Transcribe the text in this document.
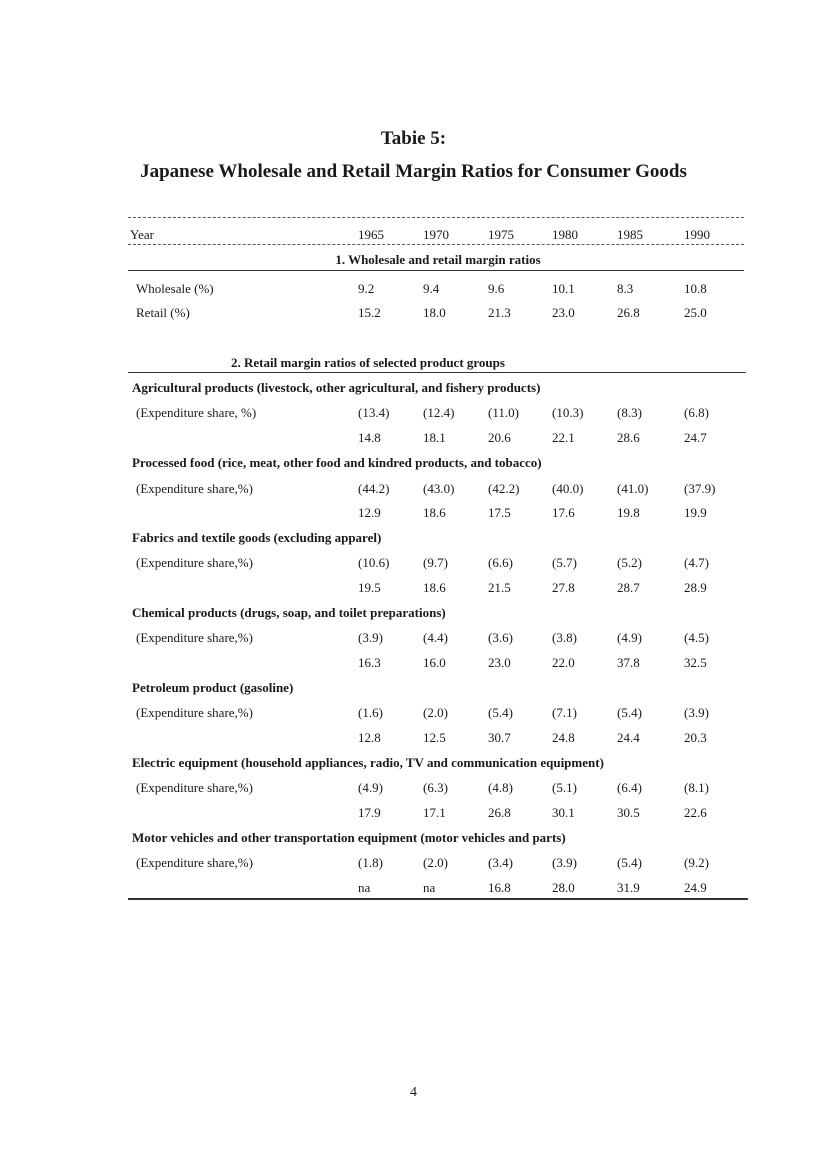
Tabie 5:
Japanese Wholesale and Retail Margin Ratios for Consumer Goods
Year	1965	1970	1975	1980	1985	1990
1. Wholesale and retail margin ratios
Wholesale (%)	9.2	9.4	9.6	10.1	8.3	10.8
Retail (%)	15.2	18.0	21.3	23.0	26.8	25.0
2. Retail margin ratios of selected product groups
Agricultural products (livestock, other agricultural, and fishery products)
(Expenditure share, %)	(13.4)	(12.4)	(11.0)	(10.3)	(8.3)	(6.8)
14.8	18.1	20.6	22.1	28.6	24.7
Processed food (rice, meat, other food and kindred products, and tobacco)
(Expenditure share,%)	(44.2)	(43.0)	(42.2)	(40.0)	(41.0)	(37.9)
12.9	18.6	17.5	17.6	19.8	19.9
Fabrics and textile goods (excluding apparel)
(Expenditure share,%)	(10.6)	(9.7)	(6.6)	(5.7)	(5.2)	(4.7)
19.5	18.6	21.5	27.8	28.7	28.9
Chemical products (drugs, soap, and toilet preparations)
(Expenditure share,%)	(3.9)	(4.4)	(3.6)	(3.8)	(4.9)	(4.5)
16.3	16.0	23.0	22.0	37.8	32.5
Petroleum product (gasoline)
(Expenditure share,%)	(1.6)	(2.0)	(5.4)	(7.1)	(5.4)	(3.9)
12.8	12.5	30.7	24.8	24.4	20.3
Electric equipment (household appliances, radio, TV and communication equipment)
(Expenditure share,%)	(4.9)	(6.3)	(4.8)	(5.1)	(6.4)	(8.1)
17.9	17.1	26.8	30.1	30.5	22.6
Motor vehicles and other transportation equipment (motor vehicles and parts)
(Expenditure share,%)	(1.8)	(2.0)	(3.4)	(3.9)	(5.4)	(9.2)
na	na	16.8	28.0	31.9	24.9
4
